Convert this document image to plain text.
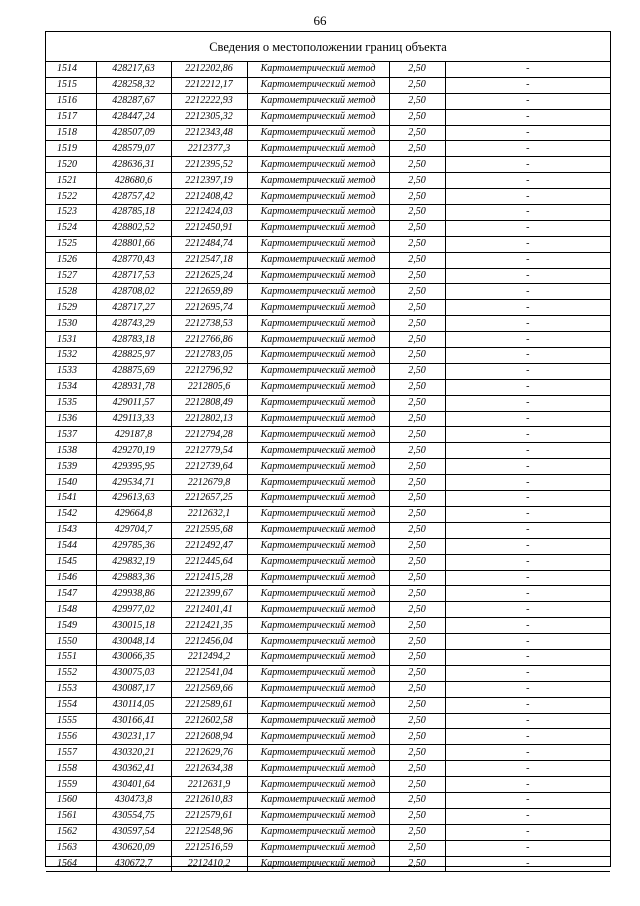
66
Сведения о местоположении границ объекта
1514	428217,63	2212202,86	Картометрический метод	2,50	-
1515	428258,32	2212212,17	Картометрический метод	2,50	-
1516	428287,67	2212222,93	Картометрический метод	2,50	-
1517	428447,24	2212305,32	Картометрический метод	2,50	-
1518	428507,09	2212343,48	Картометрический метод	2,50	-
1519	428579,07	2212377,3	Картометрический метод	2,50	-
1520	428636,31	2212395,52	Картометрический метод	2,50	-
1521	428680,6	2212397,19	Картометрический метод	2,50	-
1522	428757,42	2212408,42	Картометрический метод	2,50	-
1523	428785,18	2212424,03	Картометрический метод	2,50	-
1524	428802,52	2212450,91	Картометрический метод	2,50	-
1525	428801,66	2212484,74	Картометрический метод	2,50	-
1526	428770,43	2212547,18	Картометрический метод	2,50	-
1527	428717,53	2212625,24	Картометрический метод	2,50	-
1528	428708,02	2212659,89	Картометрический метод	2,50	-
1529	428717,27	2212695,74	Картометрический метод	2,50	-
1530	428743,29	2212738,53	Картометрический метод	2,50	-
1531	428783,18	2212766,86	Картометрический метод	2,50	-
1532	428825,97	2212783,05	Картометрический метод	2,50	-
1533	428875,69	2212796,92	Картометрический метод	2,50	-
1534	428931,78	2212805,6	Картометрический метод	2,50	-
1535	429011,57	2212808,49	Картометрический метод	2,50	-
1536	429113,33	2212802,13	Картометрический метод	2,50	-
1537	429187,8	2212794,28	Картометрический метод	2,50	-
1538	429270,19	2212779,54	Картометрический метод	2,50	-
1539	429395,95	2212739,64	Картометрический метод	2,50	-
1540	429534,71	2212679,8	Картометрический метод	2,50	-
1541	429613,63	2212657,25	Картометрический метод	2,50	-
1542	429664,8	2212632,1	Картометрический метод	2,50	-
1543	429704,7	2212595,68	Картометрический метод	2,50	-
1544	429785,36	2212492,47	Картометрический метод	2,50	-
1545	429832,19	2212445,64	Картометрический метод	2,50	-
1546	429883,36	2212415,28	Картометрический метод	2,50	-
1547	429938,86	2212399,67	Картометрический метод	2,50	-
1548	429977,02	2212401,41	Картометрический метод	2,50	-
1549	430015,18	2212421,35	Картометрический метод	2,50	-
1550	430048,14	2212456,04	Картометрический метод	2,50	-
1551	430066,35	2212494,2	Картометрический метод	2,50	-
1552	430075,03	2212541,04	Картометрический метод	2,50	-
1553	430087,17	2212569,66	Картометрический метод	2,50	-
1554	430114,05	2212589,61	Картометрический метод	2,50	-
1555	430166,41	2212602,58	Картометрический метод	2,50	-
1556	430231,17	2212608,94	Картометрический метод	2,50	-
1557	430320,21	2212629,76	Картометрический метод	2,50	-
1558	430362,41	2212634,38	Картометрический метод	2,50	-
1559	430401,64	2212631,9	Картометрический метод	2,50	-
1560	430473,8	2212610,83	Картометрический метод	2,50	-
1561	430554,75	2212579,61	Картометрический метод	2,50	-
1562	430597,54	2212548,96	Картометрический метод	2,50	-
1563	430620,09	2212516,59	Картометрический метод	2,50	-
1564	430672,7	2212410,2	Картометрический метод	2,50	-
